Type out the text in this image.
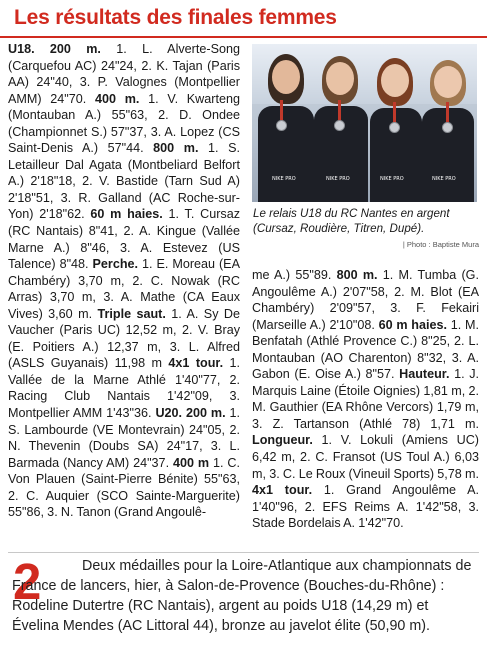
Les résultats des finales femmes
U18. 200 m. 1. L. Alverte-Song (Carquefou AC) 24"24, 2. K. Tajan (Paris AA) 24"40, 3. P. Valognes (Montpellier AMM) 24"70. 400 m. 1. V. Kwarteng (Montauban A.) 55"63, 2. D. Ondee (Championnet S.) 57"37, 3. A. Lopez (CS Saint-Denis A.) 57"44. 800 m. 1. S. Letailleur Dal Agata (Montbeliard Belfort A.) 2'18"18, 2. V. Bastide (Tarn Sud A) 2'18"51, 3. R. Galland (AC Roche-sur-Yon) 2'18"62. 60 m haies. 1. T. Cursaz (RC Nantais) 8"41, 2. A. Kingue (Vallée Marne A.) 8"46, 3. A. Estevez (US Talence) 8"48. Perche. 1. E. Moreau (EA Chambéry) 3,70 m, 2. C. Nowak (RC Arras) 3,70 m, 3. A. Mathe (CA Eaux Vives) 3,60 m. Triple saut. 1. A. Sy De Vaucher (Paris UC) 12,52 m, 2. V. Bray (E. Poitiers A.) 12,37 m, 3. L. Alfred (ASLS Guyanais) 11,98 m 4x1 tour. 1. Vallée de la Marne Athlé 1'40"77, 2. Racing Club Nantais 1'42"09, 3. Montpellier AMM 1'43"36. U20. 200 m. 1. S. Lambourde (VE Montevrain) 24"05, 2. N. Thevenin (Doubs SA) 24"17, 3. L. Barmada (Nancy AM) 24"37. 400 m 1. C. Von Plauen (Saint-Pierre Bénite) 55"63, 2. C. Auquier (SCO Sainte-Marguerite) 55"86, 3. N. Tanon (Grand Angoulê-
NIKE PRO	NIKE PRO	NIKE PRO	NIKE PRO
Le relais U18 du RC Nantes en argent (Cursaz, Roudière, Titren, Dupé).
| Photo : Baptiste Mura
me A.) 55"89. 800 m. 1. M. Tumba (G. Angoulême A.) 2'07"58, 2. M. Blot (EA Chambéry) 2'09"57, 3. F. Fekairi (Marseille A.) 2'10"08. 60 m haies. 1. M. Benfatah (Athlé Provence C.) 8"25, 2. L. Montauban (AO Charenton) 8"32, 3. A. Gabon (E. Oise A.) 8"57. Hauteur. 1. J. Marquis Laine (Étoile Oignies) 1,81 m, 2. M. Gauthier (EA Rhône Vercors) 1,79 m, 3. Z. Tartanson (Athlé 78) 1,71 m. Longueur. 1. V. Lokuli (Amiens UC) 6,42 m, 2. C. Fransot (US Toul A.) 6,03 m, 3. C. Le Roux (Vineuil Sports) 5,78 m. 4x1 tour. 1. Grand Angoulême A. 1'40"96, 2. EFS Reims A. 1'42"58, 3. Stade Bordelais A. 1'42"70.
2	Deux médailles pour la Loire-Atlantique aux championnats de France de lancers, hier, à Salon-de-Provence (Bouches-du-Rhône) : Rodeline Dutertre (RC Nantais), argent au poids U18 (14,29 m) et Évelina Mendes (AC Littoral 44), bronze au javelot élite (50,90 m).
